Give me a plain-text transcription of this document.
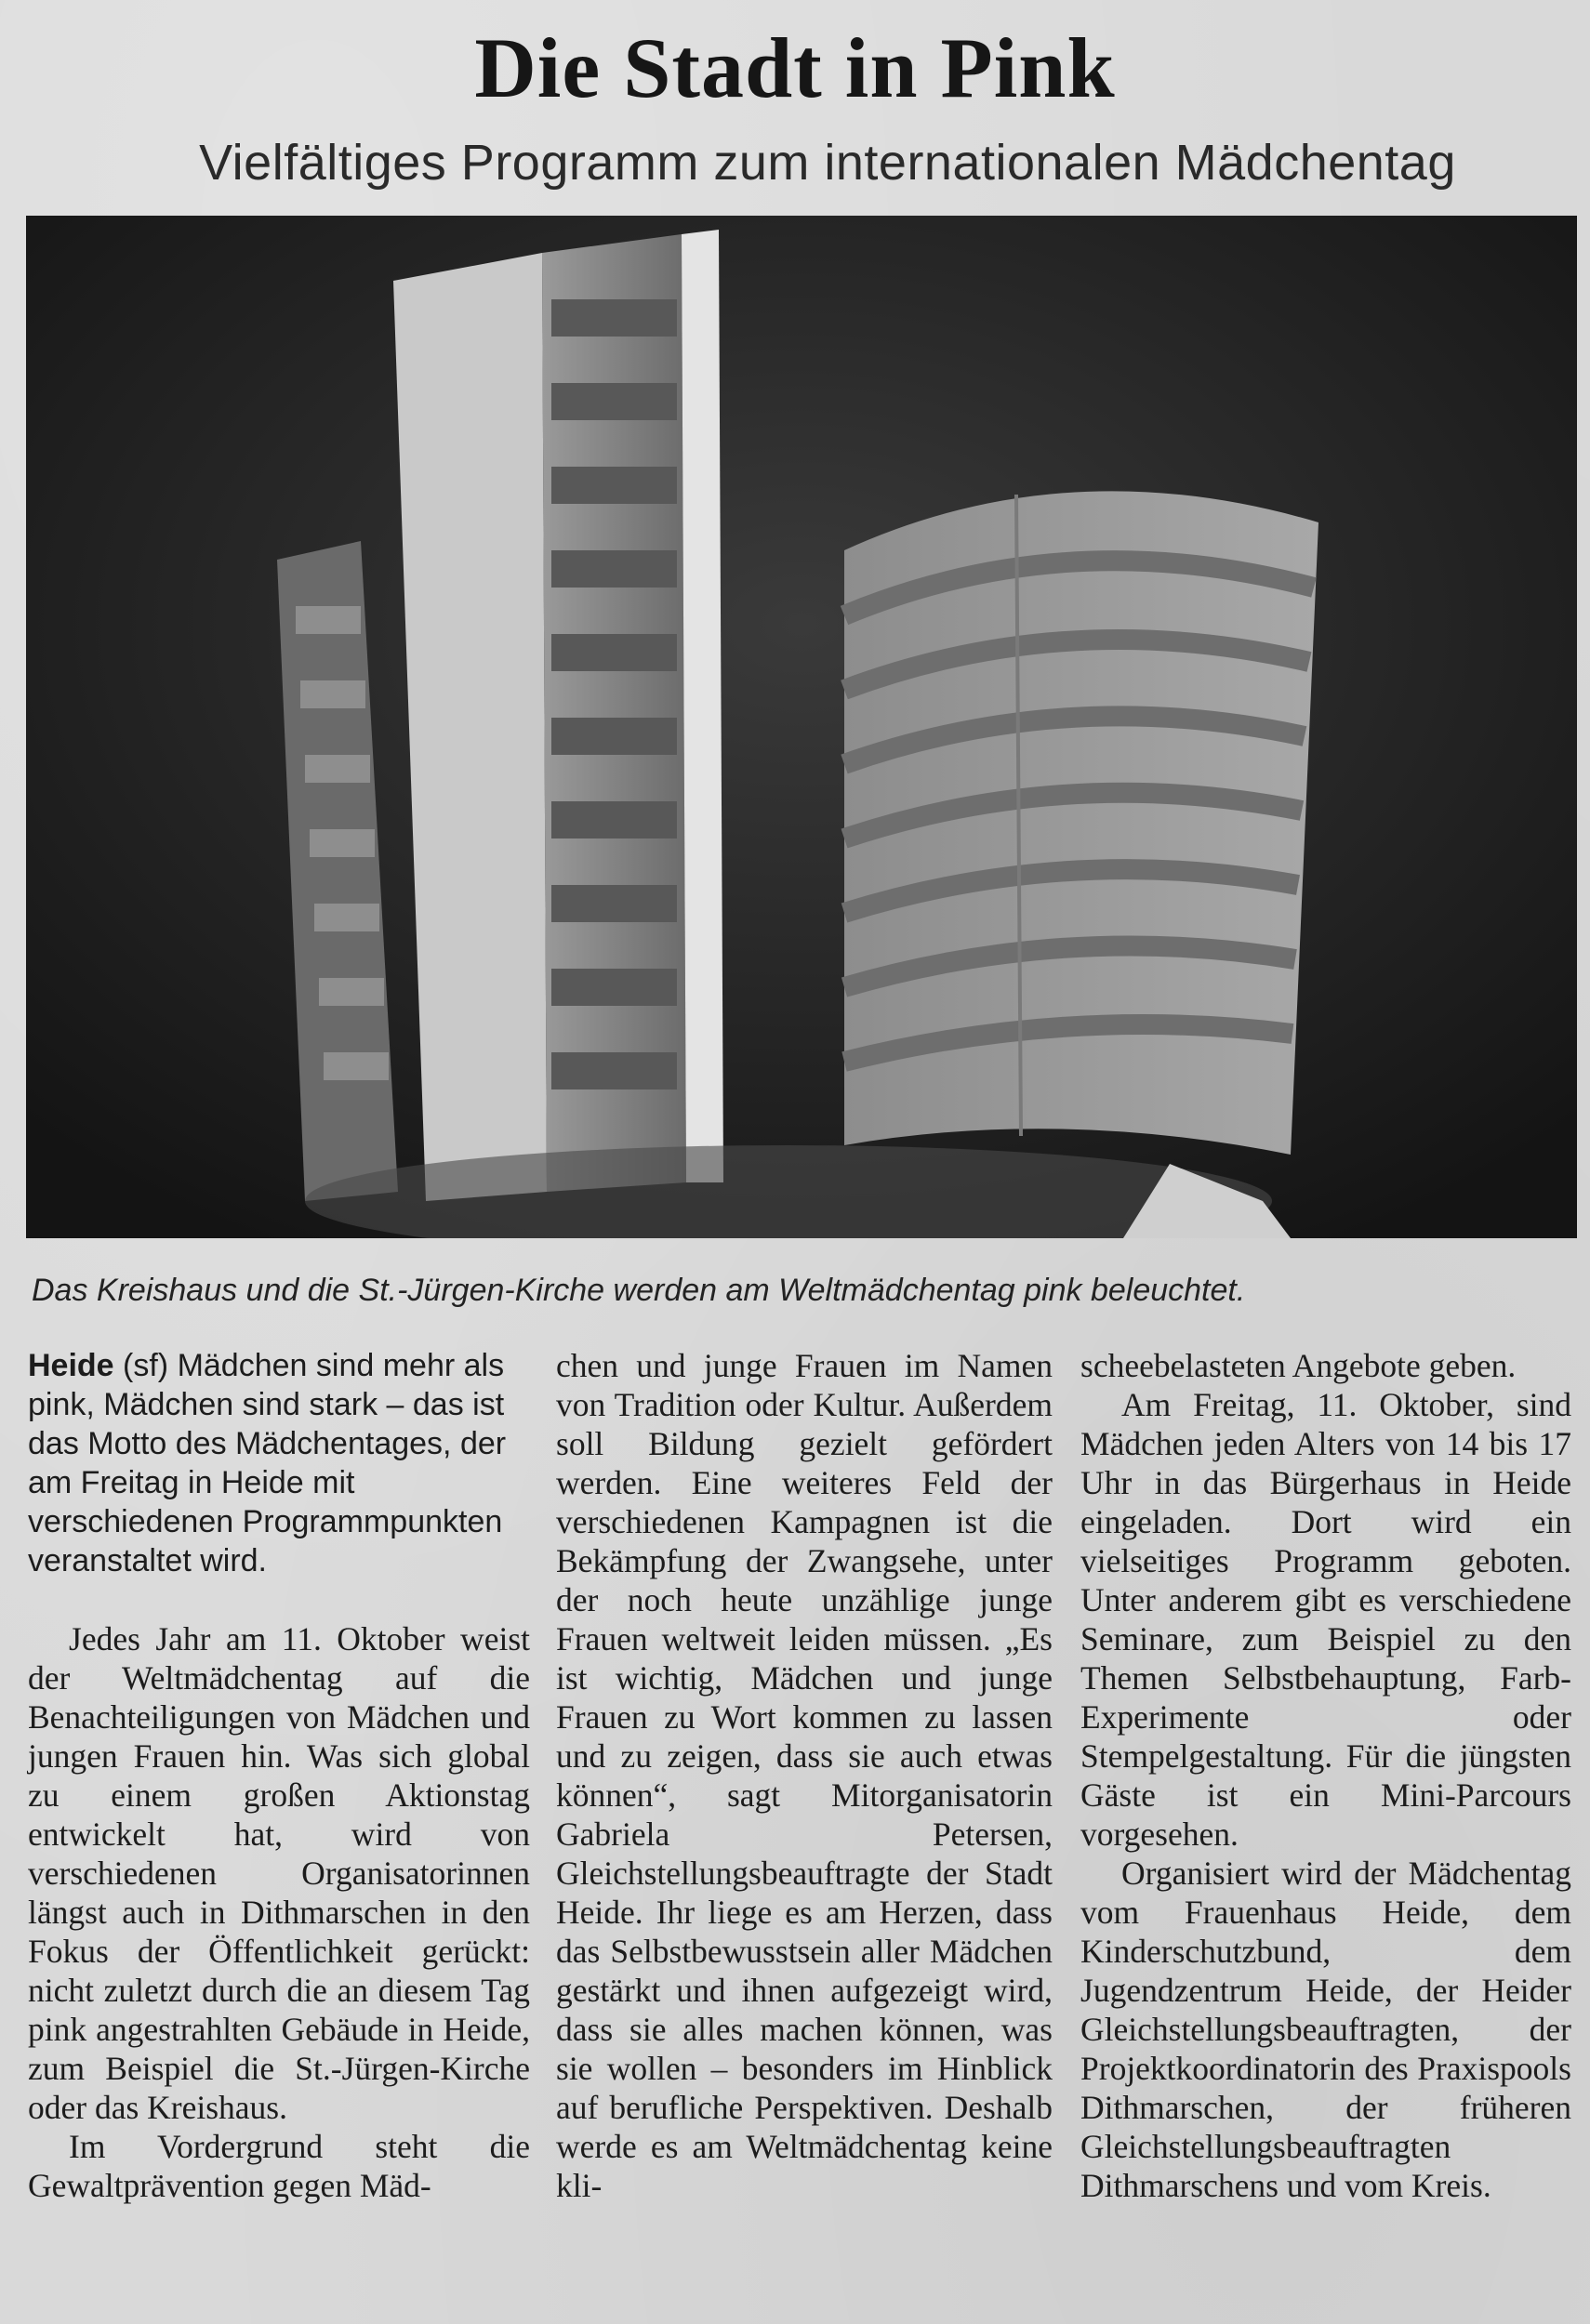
Die Stadt in Pink
Vielfältiges Programm zum internationalen Mädchentag
Das Kreishaus und die St.-Jürgen-Kirche werden am Weltmädchentag pink beleuchtet.

Heide (sf) Mädchen sind mehr als pink, Mädchen sind stark – das ist das Motto des Mädchentages, der am Freitag in Heide mit verschiedenen Programmpunkten veranstaltet wird.

Jedes Jahr am 11. Oktober weist der Weltmädchentag auf die Benachteiligungen von Mädchen und jungen Frauen hin. Was sich global zu einem großen Aktionstag entwickelt hat, wird von verschiedenen Organisatorinnen längst auch in Dithmarschen in den Fokus der Öffentlichkeit gerückt: nicht zuletzt durch die an diesem Tag pink angestrahlten Gebäude in Heide, zum Beispiel die St.-Jürgen-Kirche oder das Kreishaus.

Im Vordergrund steht die Gewaltprävention gegen Mäd-

chen und junge Frauen im Namen von Tradition oder Kultur. Außerdem soll Bildung gezielt gefördert werden. Eine weiteres Feld der verschiedenen Kampagnen ist die Bekämpfung der Zwangsehe, unter der noch heute unzählige junge Frauen weltweit leiden müssen. „Es ist wichtig, Mädchen und junge Frauen zu Wort kommen zu lassen und zu zeigen, dass sie auch etwas können“, sagt Mitorganisatorin Gabriela Petersen, Gleichstellungsbeauftragte der Stadt Heide. Ihr liege es am Herzen, dass das Selbstbewusstsein aller Mädchen gestärkt und ihnen aufgezeigt wird, dass sie alles machen können, was sie wollen – besonders im Hinblick auf berufliche Perspektiven. Deshalb werde es am Weltmädchentag keine kli-

scheebelasteten Angebote geben.

Am Freitag, 11. Oktober, sind Mädchen jeden Alters von 14 bis 17 Uhr in das Bürgerhaus in Heide eingeladen. Dort wird ein vielseitiges Programm geboten. Unter anderem gibt es verschiedene Seminare, zum Beispiel zu den Themen Selbstbehauptung, Farb-Experimente oder Stempelgestaltung. Für die jüngsten Gäste ist ein Mini-Parcours vorgesehen.

Organisiert wird der Mädchentag vom Frauenhaus Heide, dem Kinderschutzbund, dem Jugendzentrum Heide, der Heider Gleichstellungsbeauftragten, der Projektkoordinatorin des Praxispools Dithmarschen, der früheren Gleichstellungsbeauftragten Dithmarschens und vom Kreis.
